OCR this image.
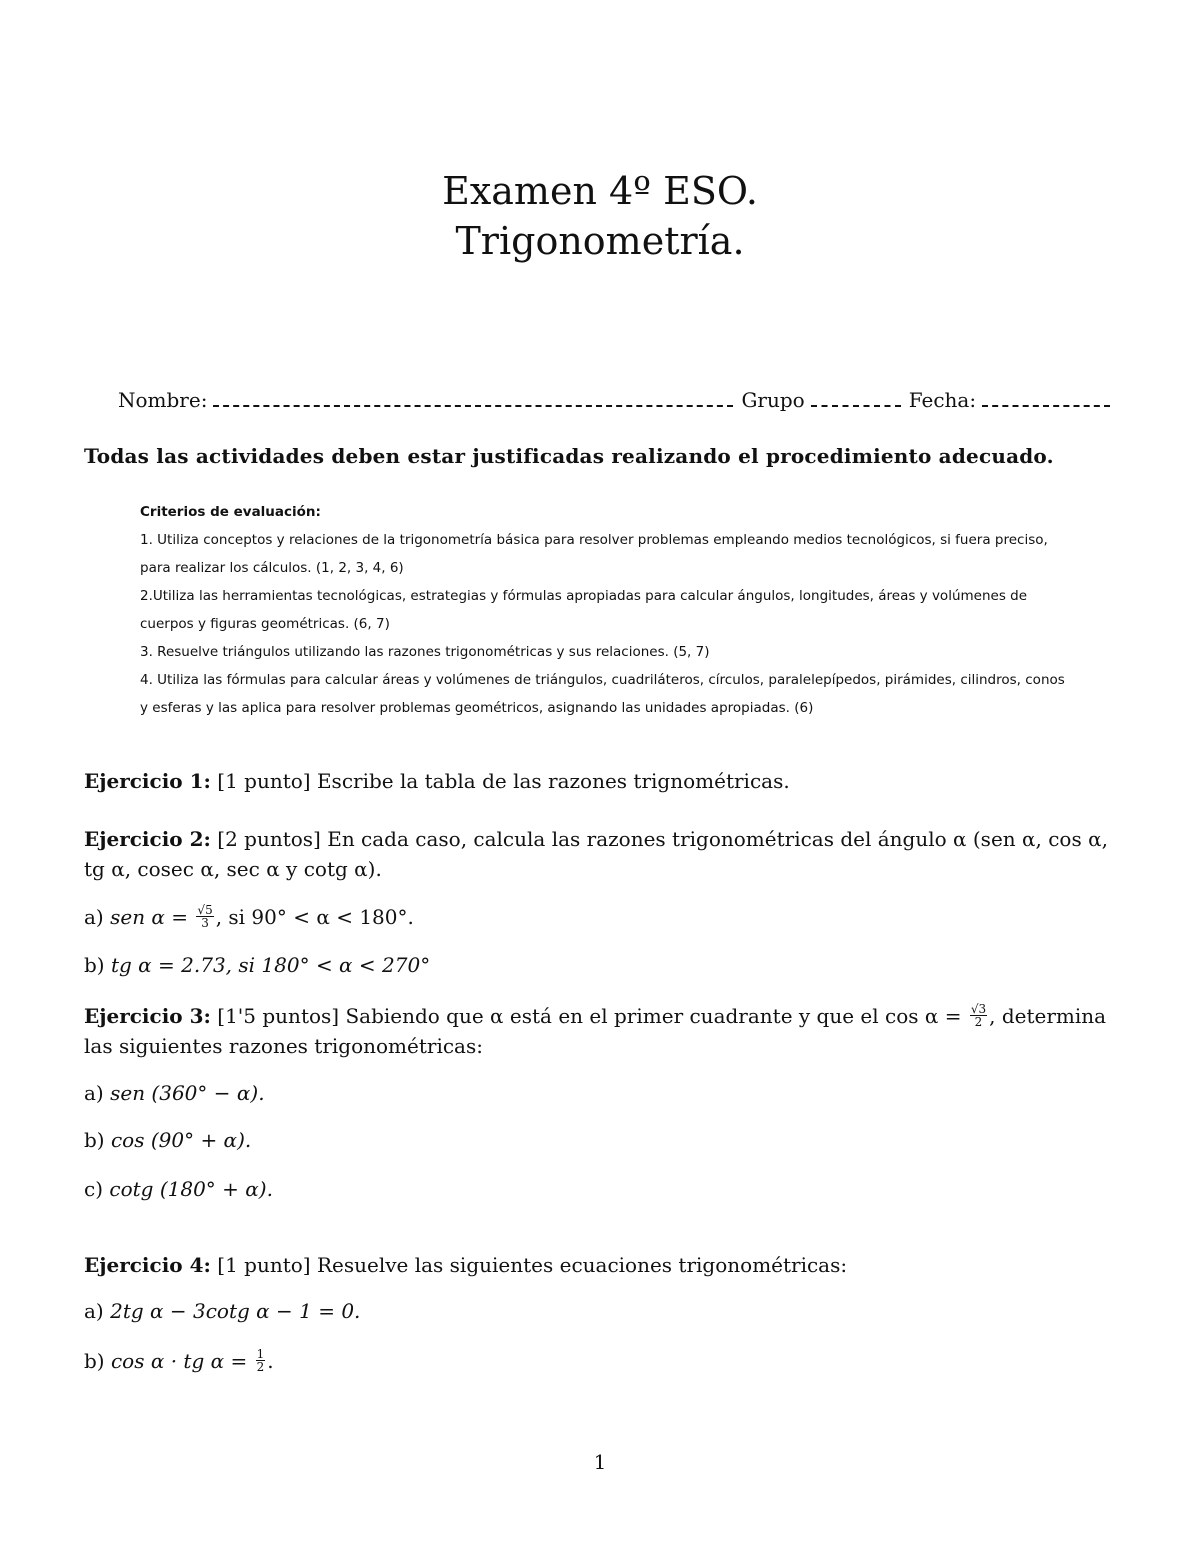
Examen 4º ESO.
Trigonometría.
Nombre:	Grupo	Fecha:
Todas las actividades deben estar justificadas realizando el procedimiento adecuado.

Criterios de evaluación:

1. Utiliza conceptos y relaciones de la trigonometría básica para resolver problemas empleando medios tecnológicos, si fuera preciso, para realizar los cálculos. (1, 2, 3, 4, 6)

2.Utiliza las herramientas tecnológicas, estrategias y fórmulas apropiadas para calcular ángulos, longitudes, áreas y volúmenes de cuerpos y figuras geométricas. (6, 7)

3. Resuelve triángulos utilizando las razones trigonométricas y sus relaciones. (5, 7)

4. Utiliza las fórmulas para calcular áreas y volúmenes de triángulos, cuadriláteros, círculos, paralelepípedos, pirámides, cilindros, conos y esferas y las aplica para resolver problemas geométricos, asignando las unidades apropiadas. (6)

Ejercicio 1: [1 punto] Escribe la tabla de las razones trignométricas.
Ejercicio 2: [2 puntos] En cada caso, calcula las razones trigonométricas del ángulo α (sen α, cos α, tg α, cosec α, sec α y cotg α).
a) sen $\alpha = \frac{√5}{3}$ , si 90° < α < 180°.
b) tg α = 2.73, si 180° < α < 270°
Ejercicio 3: [1'5 puntos] Sabiendo que α está en el primer cuadrante y que el $\cos \alpha = \frac{√3}{2}$ , determina las siguientes razones trigonométricas:
a) sen (360° − α).
b) cos (90° + α).
c) cotg (180° + α).
Ejercicio 4: [1 punto] Resuelve las siguientes ecuaciones trigonométricas:
a) 2tg α − 3cotg α − 1 = 0.
b) cos α · tg $\alpha = \frac{1}{2}$ .
1
